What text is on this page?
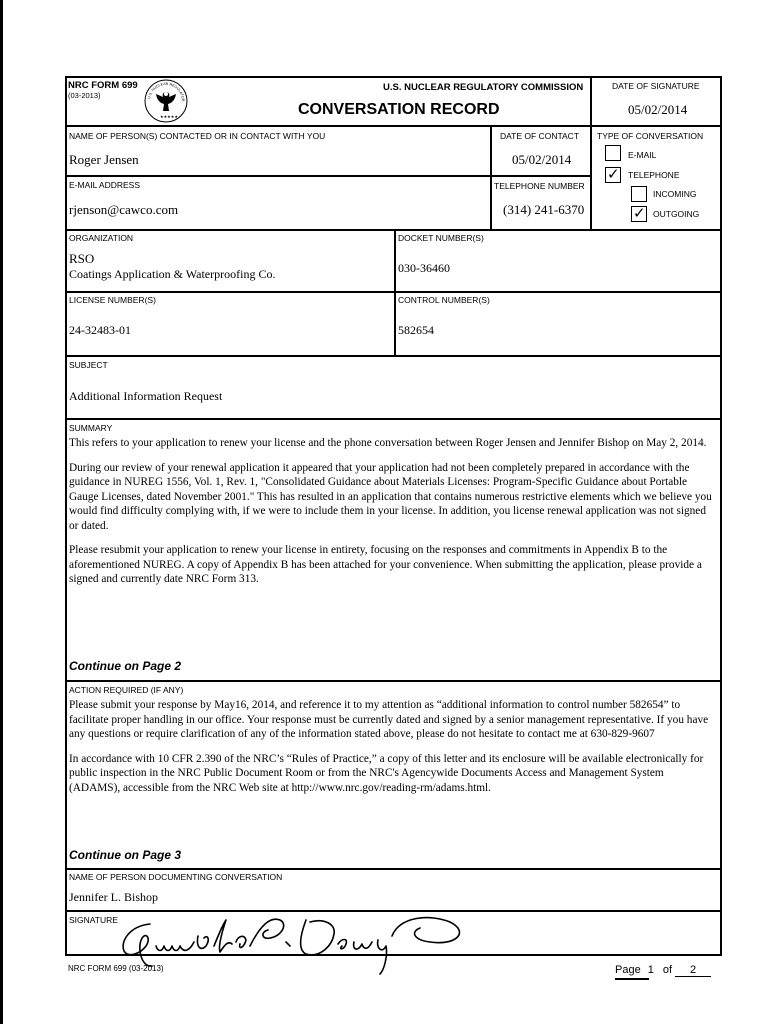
NRC FORM 699
(03-2013)	U.S. NUCLEAR REGULATOR
★★★★★
U.S. NUCLEAR REGULATORY COMMISSION
CONVERSATION RECORD
DATE OF SIGNATURE
05/02/2014
NAME OF PERSON(S) CONTACTED OR IN CONTACT WITH YOU
Roger Jensen
DATE OF CONTACT
05/02/2014
E-MAIL ADDRESS
rjenson@cawco.com
TELEPHONE NUMBER
(314) 241-6370
TYPE OF CONVERSATION
E-MAIL
✓ TELEPHONE
INCOMING
✓ OUTGOING
ORGANIZATION
RSO
Coatings Application & Waterproofing Co.
DOCKET NUMBER(S)
030-36460
LICENSE NUMBER(S)
24-32483-01
CONTROL NUMBER(S)
582654
SUBJECT
Additional Information Request
SUMMARY

This refers to your application to renew your license and the phone conversation between Roger Jensen and Jennifer Bishop on May 2, 2014.

During our review of your renewal application it appeared that your application had not been completely prepared in accordance with the guidance in NUREG 1556, Vol. 1, Rev. 1, "Consolidated Guidance about Materials Licenses: Program-Specific Guidance about Portable Gauge Licenses, dated November 2001." This has resulted in an application that contains numerous restrictive elements which we believe you would find difficulty complying with, if we were to include them in your license. In addition, you license renewal application was not signed or dated.

Please resubmit your application to renew your license in entirety, focusing on the responses and commitments in Appendix B to the aforementioned NUREG. A copy of Appendix B has been attached for your convenience. When submitting the application, please provide a signed and currently date NRC Form 313.

Continue on Page 2
ACTION REQUIRED (IF ANY)

Please submit your response by May16, 2014, and reference it to my attention as “additional information to control number 582654” to facilitate proper handling in our office. Your response must be currently dated and signed by a senior management representative. If you have any questions or require clarification of any of the information stated above, please do not hesitate to contact me at 630-829-9607

In accordance with 10 CFR 2.390 of the NRC’s “Rules of Practice,” a copy of this letter and its enclosure will be available electronically for public inspection in the NRC Public Document Room or from the NRC's Agencywide Documents Access and Management System (ADAMS), accessible from the NRC Web site at http://www.nrc.gov/reading-rm/adams.html.

Continue on Page 3
NAME OF PERSON DOCUMENTING CONVERSATION
Jennifer L. Bishop
SIGNATURE
NRC FORM 699 (03-2013)	Page 1 of 2
